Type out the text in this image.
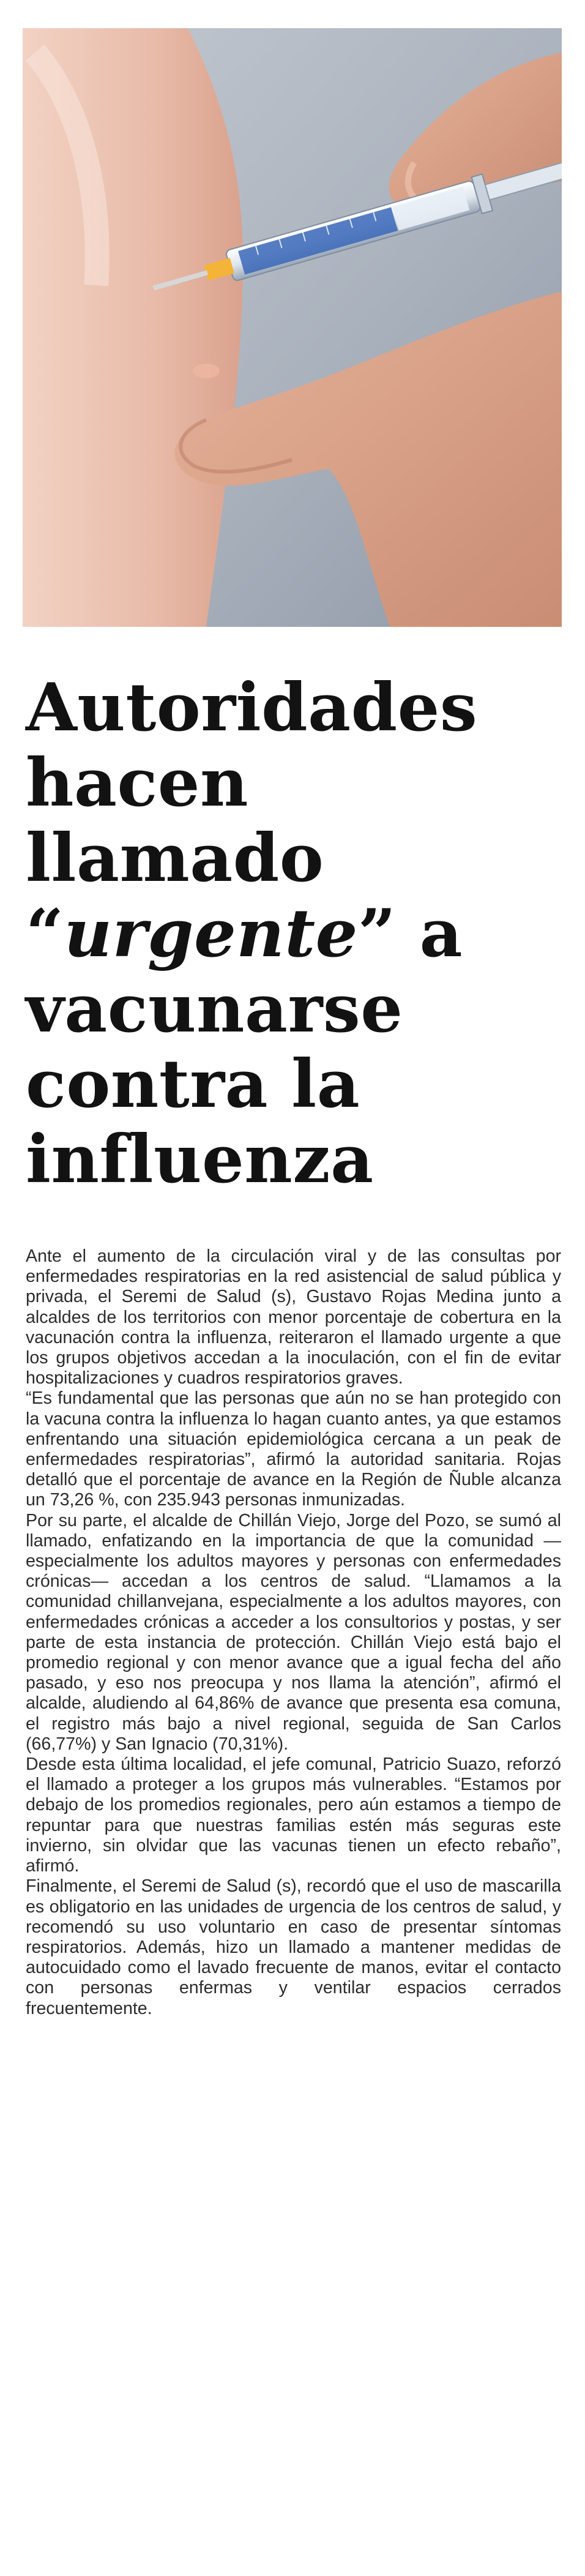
Autoridades
hacen
llamado
“urgente” a
vacunarse
contra la
influenza

Ante el aumento de la circulación viral y de las consultas por enfermedades respiratorias en la red asistencial de salud pública y privada, el Seremi de Salud (s), Gustavo Rojas Medina junto a alcaldes de los territorios con menor porcentaje de cobertura en la vacunación contra la influenza, reiteraron el llamado urgente a que los grupos objetivos accedan a la inoculación, con el fin de evitar hospitalizaciones y cuadros respiratorios graves.

“Es fundamental que las personas que aún no se han protegido con la vacuna contra la influenza lo hagan cuanto antes, ya que estamos enfrentando una situación epidemiológica cercana a un peak de enfermedades respiratorias”, afirmó la autoridad sanitaria. Rojas detalló que el porcentaje de avance en la Región de Ñuble alcanza un 73,26 %, con 235.943 personas inmunizadas.

Por su parte, el alcalde de Chillán Viejo, Jorge del Pozo, se sumó al llamado, enfatizando en la importancia de que la comunidad —especialmente los adultos mayores y personas con enfermedades crónicas— accedan a los centros de salud. “Llamamos a la comunidad chillanvejana, especialmente a los adultos mayores, con enfermedades crónicas a acceder a los consultorios y postas, y ser parte de esta instancia de protección. Chillán Viejo está bajo el promedio regional y con menor avance que a igual fecha del año pasado, y eso nos preocupa y nos llama la atención”, afirmó el alcalde, aludiendo al 64,86% de avance que presenta esa comuna, el registro más bajo a nivel regional, seguida de San Carlos (66,77%) y San Ignacio (70,31%).

Desde esta última localidad, el jefe comunal, Patricio Suazo, reforzó el llamado a proteger a los grupos más vulnerables. “Estamos por debajo de los promedios regionales, pero aún estamos a tiempo de repuntar para que nuestras familias estén más seguras este invierno, sin olvidar que las vacunas tienen un efecto rebaño”, afirmó.

Finalmente, el Seremi de Salud (s), recordó que el uso de mascarilla es obligatorio en las unidades de urgencia de los centros de salud, y recomendó su uso voluntario en caso de presentar síntomas respiratorios. Además, hizo un llamado a mantener medidas de autocuidado como el lavado frecuente de manos, evitar el contacto con personas enfermas y ventilar espacios cerrados frecuentemente.
